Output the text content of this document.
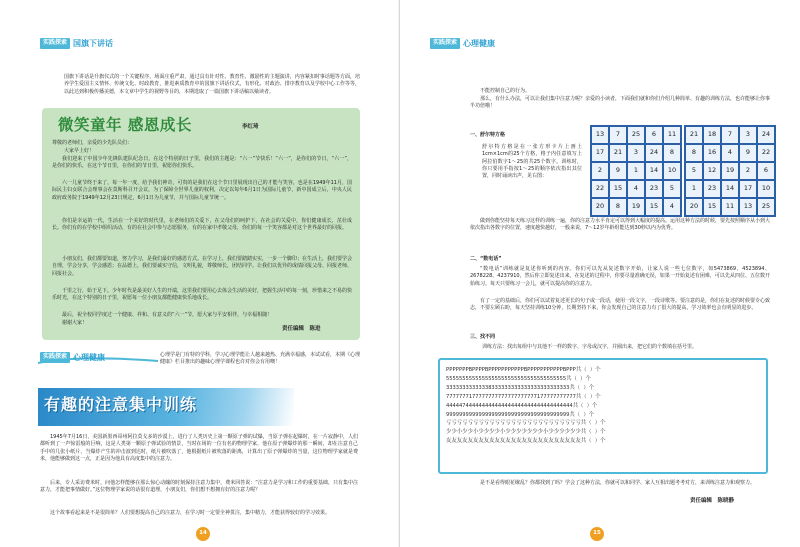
实践探索 国旗下讲话
国旗下讲话是升旗仪式的一个关键程序，场面庄重严肃，通过具有针对性、教育性、激励性的主题演讲，内容紧扣时事话题等方面，培养学生爱国主义情怀、传统文化、时政教育，推进素质教育中的国旗下讲话仪式，有形化、对政治、排序教育以及学校中心工作等等，以此达到积极传播美德，本文章中学生的视野等目的，本期选取了一篇国旗下讲话稿以飨读者。
微笑童年 感恩成长	李红琦
尊敬的老师们，亲爱的少先队员们：
大家早上好！
我们迎来了中国少年先锋队建队纪念日，在这个特别的日子里，我们的主题是：“六一”节快乐！“六一”，是你们的节日，“六一”，是你们的快乐，在这个节日里，在你们的节日里，祝愿你们快乐。
六一儿童节终于来了，每一年一度，给予我们神奇，可贵的是我们在这个节日里展现出自己的才能与笑容，也是在1949年11月，国际民主妇女联合会理事会在莫斯科召开会议，为了保障全世界儿童的权利，决定以每年6月1日为国际儿童节，新中国成立后，中央人民政府政务院于1949年12月23日规定，6月1日为儿童节，并与国际儿童节统一。
你们是幸运的一代，生活在一个美好的时代里，在老师们的关爱下，在父母们的呵护下，在社会的关爱中，你们健康成长，茁壮成长。你们有的在学校中组织活动，有的在社会中参与志愿服务，有的在家中孝敬父母，你们的每一个笑容都是对这个世界最好的回报。
小朋友们，我们都要知道，努力学习，是我们最好的感恩方式。在学习上，我们要踏踏实实，一步一个脚印；在生活上，我们要学会自理，学会分享，学会感恩；在品德上，我们要诚实守信，文明礼貌，尊敬师长，团结同学。让我们以优异的成绩回报父母、回报老师、回报社会。
千里之行，始于足下。少年时代是最美好人生的开端，这里我们要用心去体会生活的美好，把握生活中的每一刻，珍惜来之不易的快乐时光，在这个特别的日子里，祝愿每一位小朋友都能健康快乐地成长。
最后，祝全校同学度过一个健康、祥和、有意义的“六一”节，愿大家与平安相伴，与幸福相随！
谢谢大家！
责任编辑　陈进
实践探索 心理健康	心理学是门有特的学科，学习心理学能让人越来越热、充满幸福感，本试试看，本期《心理健康》栏目推出的趣味心理学课程也许对你会有用噢！
有趣的注意集中训练
1945年7月16日，美国新墨西哥州阿拉莫戈多的沙漠上，进行了人类历史上第一颗原子弹的试爆，当原子弹在起爆时，在一片寂静中，人们都听到了一声惊雷般的巨响，这是人类第一颗原子弹试验的情景，当时在场的一位有名的物理学家，他在原子弹爆炸的那一瞬间，却在注意自己手中的几张小纸片，当爆炸产生的冲击波到达时，纸片被吹落了，他根据纸片被吹落的距离，计算出了原子弹爆炸的当量，这位物理学家就是费米，他能够做到这一点，正是因为他具有高度集中的注意力。
后来，专人采访费米时，问他怎样能够在那么惊心动魄的时刻保持注意力集中，费米回答说：“注意力是学习和工作的重要基础，只有集中注意力，才能把事情做好。”这位物理学家说的话很有道理，小朋友们，你们想不想拥有好的注意力呢？
这个故事看起来是不是很简单？人们要想提高自己的注意力，在学习时一定要全神贯注，集中精力，才能获得较好的学习效果。
14
实践探索 心理健康
不能控制自己的行为。
那么，有什么办法，可以让我们集中注意力呢？亲爱的小读者，下面我们就和你们介绍几种简单、有趣的训练方法，也许能够让你事半功倍哦！
一、舒尔特方格
舒尔特方格是在一张方形卡片上画上1cm×1cm的25个方格，格子内任意填写上阿拉伯数字1～25的共25个数字。训练时，你只要用手指按1～25的顺序依次指出其位置，同时诵读出声，见右图：
13	7	25	6	11
17	21	3	24	8
2	9	1	14	10
22	15	4	23	5
20	8	19	15	4
21	18	7	3	24
8	16	4	9	22
5	12	19	2	6
1	23	14	17	10
20	15	11	13	25
做到你能坚持每天练习这样的训练一遍，你的注意力水平肯定可以得到大幅度的提高。运用这种方法的时候，要先按照顺序从小到大依次指出各数字的位置，速度越快越好，一般来说，7～12岁年龄组能达到30秒以内为优秀。
二、“数电话”
“数电话”训练就是复述你听到的内容。你们可以先从复述数字开始，让家人说一些七位数字，如5473869、4523894、2678228、4237910，然后你立即复述出来，在复述的过程中，你要尽量准确无误，如果一开始复述有困难，可以先从四位、五位数开始练习。每天只要练习一会儿，就可以提高你的注意力。
有了一定的基础后，你们可以试着复述更长的句子或一段话，使用一段文字，一段诗歌等。要注意的是，你们在复述的时候要专心致志，不要左顾右盼，每天坚持训练10分钟，长期坚持下来，你会发现自己的注意力有了很大的提高，学习效率也会有明显的进步。
三、找不同
训练方法：找出每组中与其他不一样的数字、字母或汉字，并圈出来，把它们的个数填在括号里。
PPPPPPPBPPPPBPPPPPPPPPPPBPPPPPPPPPPPBPPP共（ ）个
5555555555555555555555555555555555555共（ ）个
33333333333338333333333333333333333333共（ ）个
7777777177777777777777777777177777777777共（ ）个
444447444444444444444444444444444444444共（ ）个
99999999999999999999999999999999999999共（ ）个
亏亏亏亏亏亏亏亏亏亏亏亏亏亏亏亏亏亏亏亏亏亏亏亏亏共（ ）个
少少小少少小少少少少小少少少少少少少小少少少少少少共（ ）个
友友友友友友友友友友友友友友友友友友友友友友友友友共（ ）个
是不是看得眼花缭乱？你都找到了吗？学会了这种方法，你就可以和同学、家人互相出题考考对方，来训练注意力和观察力。
责任编辑　陈晓静
15
